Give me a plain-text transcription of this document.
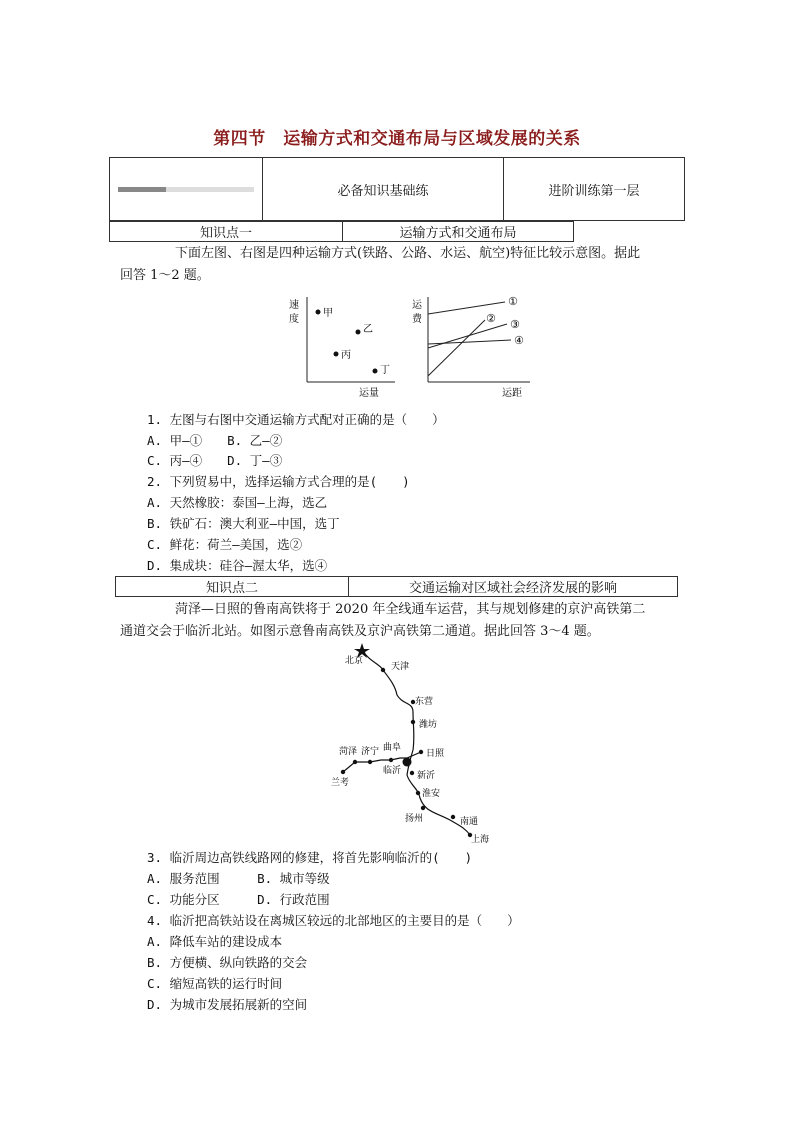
第四节　运输方式和交通布局与区域发展的关系
	必备知识基础练	进阶训练第一层
知识点一	运输方式和交通布局
下面左图、右图是四种运输方式(铁路、公路、水运、航空)特征比较示意图。据此
回答 1～2 题。
速
度
甲
乙
丙
丁
运量
运
费
①
② ③
④
运距
1. 左图与右图中交通运输方式配对正确的是（　　）
A. 甲—①　　B. 乙—②
C. 丙—④　　D. 丁—③
2. 下列贸易中，选择运输方式合理的是(　　)
A. 天然橡胶：泰国—上海，选乙
B. 铁矿石：澳大利亚—中国，选丁
C. 鲜花：荷兰—美国，选②
D. 集成块：硅谷—渥太华，选④
知识点二	交通运输对区域社会经济发展的影响
菏泽—日照的鲁南高铁将于 2020 年全线通车运营，其与规划修建的京沪高铁第二
通道交会于临沂北站。如图示意鲁南高铁及京沪高铁第二通道。据此回答 3～4 题。
北京
天津
东营
潍坊
菏泽 济宁 曲阜
日照
临沂 新沂
兰考
淮安
扬州	南通
上海
3. 临沂周边高铁线路网的修建，将首先影响临沂的(　　)
A. 服务范围　　　B. 城市等级
C. 功能分区　　　D. 行政范围
4. 临沂把高铁站设在离城区较远的北部地区的主要目的是（　　）
A. 降低车站的建设成本
B. 方便横、纵向铁路的交会
C. 缩短高铁的运行时间
D. 为城市发展拓展新的空间
